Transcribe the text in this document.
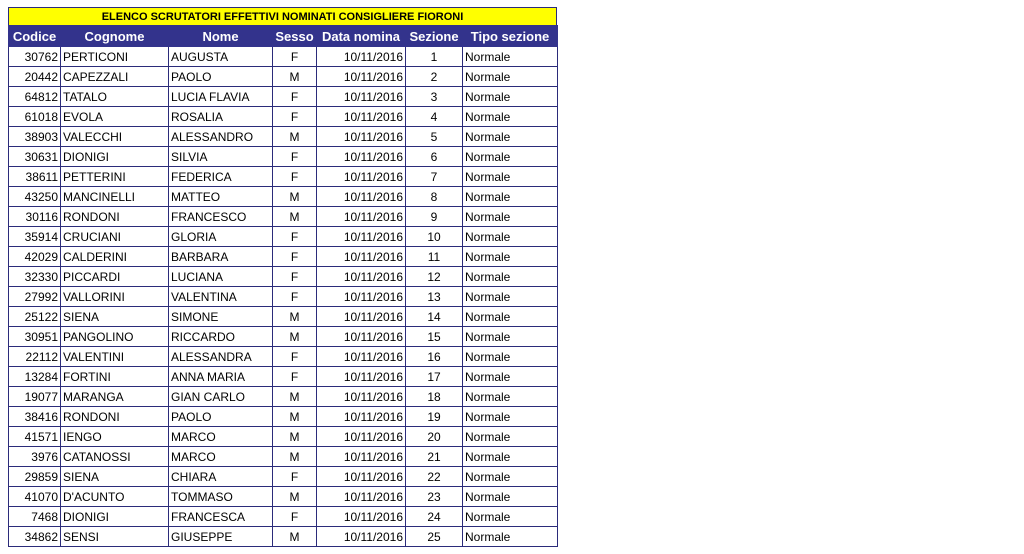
ELENCO SCRUTATORI EFFETTIVI NOMINATI CONSIGLIERE FIORONI
Codice	Cognome	Nome	Sesso	Data nomina	Sezione	Tipo sezione
30762	PERTICONI	AUGUSTA	F	10/11/2016	1	Normale
20442	CAPEZZALI	PAOLO	M	10/11/2016	2	Normale
64812	TATALO	LUCIA FLAVIA	F	10/11/2016	3	Normale
61018	EVOLA	ROSALIA	F	10/11/2016	4	Normale
38903	VALECCHI	ALESSANDRO	M	10/11/2016	5	Normale
30631	DIONIGI	SILVIA	F	10/11/2016	6	Normale
38611	PETTERINI	FEDERICA	F	10/11/2016	7	Normale
43250	MANCINELLI	MATTEO	M	10/11/2016	8	Normale
30116	RONDONI	FRANCESCO	M	10/11/2016	9	Normale
35914	CRUCIANI	GLORIA	F	10/11/2016	10	Normale
42029	CALDERINI	BARBARA	F	10/11/2016	11	Normale
32330	PICCARDI	LUCIANA	F	10/11/2016	12	Normale
27992	VALLORINI	VALENTINA	F	10/11/2016	13	Normale
25122	SIENA	SIMONE	M	10/11/2016	14	Normale
30951	PANGOLINO	RICCARDO	M	10/11/2016	15	Normale
22112	VALENTINI	ALESSANDRA	F	10/11/2016	16	Normale
13284	FORTINI	ANNA MARIA	F	10/11/2016	17	Normale
19077	MARANGA	GIAN CARLO	M	10/11/2016	18	Normale
38416	RONDONI	PAOLO	M	10/11/2016	19	Normale
41571	IENGO	MARCO	M	10/11/2016	20	Normale
3976	CATANOSSI	MARCO	M	10/11/2016	21	Normale
29859	SIENA	CHIARA	F	10/11/2016	22	Normale
41070	D'ACUNTO	TOMMASO	M	10/11/2016	23	Normale
7468	DIONIGI	FRANCESCA	F	10/11/2016	24	Normale
34862	SENSI	GIUSEPPE	M	10/11/2016	25	Normale
